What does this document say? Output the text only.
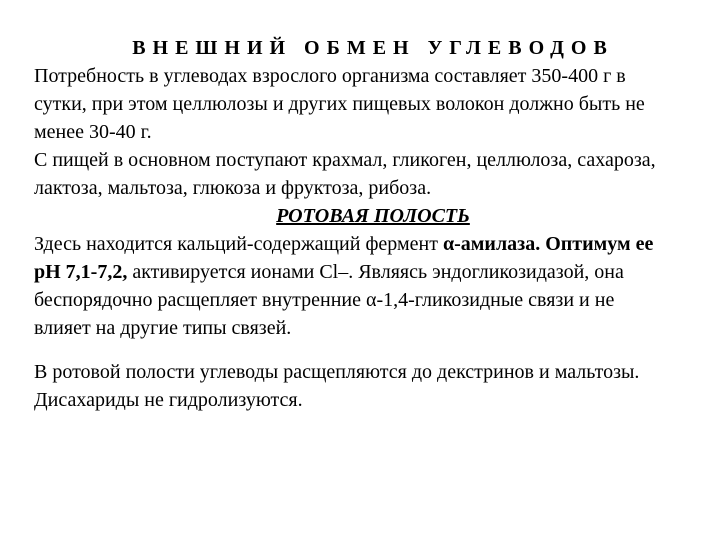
ВНЕШНИЙ ОБМЕН УГЛЕВОДОВ

Потребность в углеводах взрослого организма составляет 350-400 г в сутки, при этом целлюлозы и других пищевых волокон должно быть не менее 30-40 г.

С пищей в основном поступают крахмал, гликоген, целлюлоза, сахароза, лактоза, мальтоза, глюкоза и фруктоза, рибоза.

РОТОВАЯ ПОЛОСТЬ

Здесь находится кальций-содержащий фермент α-амилаза. Оптимум ее рН 7,1-7,2, активируется ионами Cl–. Являясь эндогликозидазой, она беспорядочно расщепляет внутренние α-1,4-гликозидные связи и не влияет на другие типы связей.

В ротовой полости углеводы расщепляются до декстринов и мальтозы. Дисахариды не гидролизуются.
